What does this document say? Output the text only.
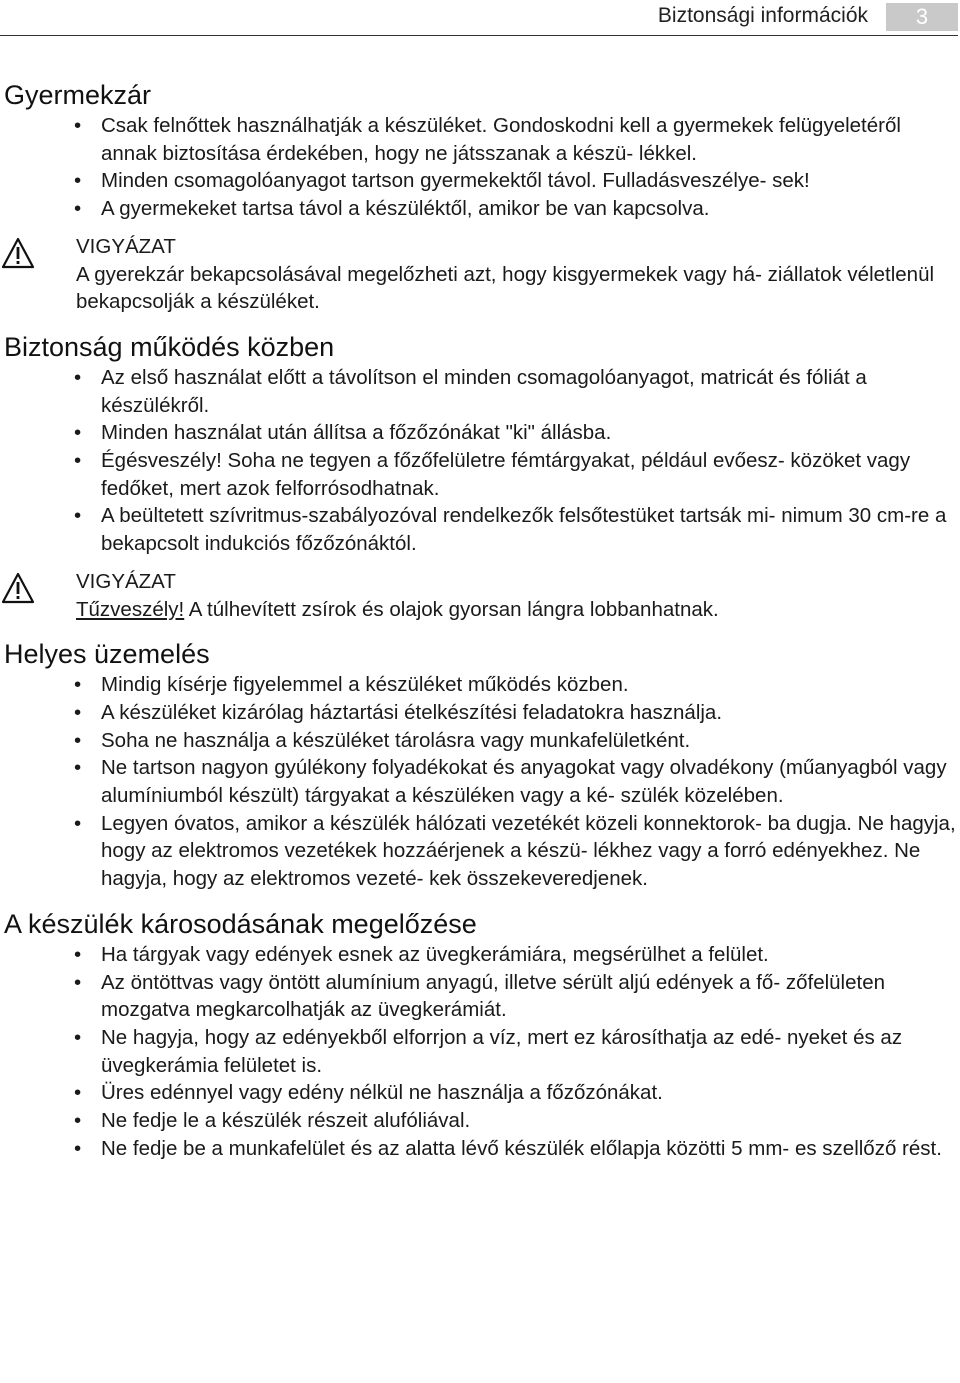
Biztonsági információk	3
Gyermekzár
• Csak felnőttek használhatják a készüléket. Gondoskodni kell a gyermekek felügyeletéről annak biztosítása érdekében, hogy ne játsszanak a készü- lékkel.
• Minden csomagolóanyagot tartson gyermekektől távol. Fulladásveszélye- sek!
• A gyermekeket tartsa távol a készüléktől, amikor be van kapcsolva.
VIGYÁZAT
A gyerekzár bekapcsolásával megelőzheti azt, hogy kisgyermekek vagy há- ziállatok véletlenül bekapcsolják a készüléket.
Biztonság működés közben
• Az első használat előtt a távolítson el minden csomagolóanyagot, matricát és fóliát a készülékről.
• Minden használat után állítsa a főzőzónákat "ki" állásba.
• Égésveszély! Soha ne tegyen a főzőfelületre fémtárgyakat, például evőesz- közöket vagy fedőket, mert azok felforrósodhatnak.
• A beültetett szívritmus-szabályozóval rendelkezők felsőtestüket tartsák mi- nimum 30 cm-re a bekapcsolt indukciós főzőzónáktól.
VIGYÁZAT
Tűzveszély! A túlhevített zsírok és olajok gyorsan lángra lobbanhatnak.
Helyes üzemelés
• Mindig kísérje figyelemmel a készüléket működés közben.
• A készüléket kizárólag háztartási ételkészítési feladatokra használja.
• Soha ne használja a készüléket tárolásra vagy munkafelületként.
• Ne tartson nagyon gyúlékony folyadékokat és anyagokat vagy olvadékony (műanyagból vagy alumíniumból készült) tárgyakat a készüléken vagy a ké- szülék közelében.
• Legyen óvatos, amikor a készülék hálózati vezetékét közeli konnektorok- ba dugja. Ne hagyja, hogy az elektromos vezetékek hozzáérjenek a készü- lékhez vagy a forró edényekhez. Ne hagyja, hogy az elektromos vezeté- kek összekeveredjenek.
A készülék károsodásának megelőzése
• Ha tárgyak vagy edények esnek az üvegkerámiára, megsérülhet a felület.
• Az öntöttvas vagy öntött alumínium anyagú, illetve sérült aljú edények a fő- zőfelületen mozgatva megkarcolhatják az üvegkerámiát.
• Ne hagyja, hogy az edényekből elforrjon a víz, mert ez károsíthatja az edé- nyeket és az üvegkerámia felületet is.
• Üres edénnyel vagy edény nélkül ne használja a főzőzónákat.
• Ne fedje le a készülék részeit alufóliával.
• Ne fedje be a munkafelület és az alatta lévő készülék előlapja közötti 5 mm- es szellőző rést.
